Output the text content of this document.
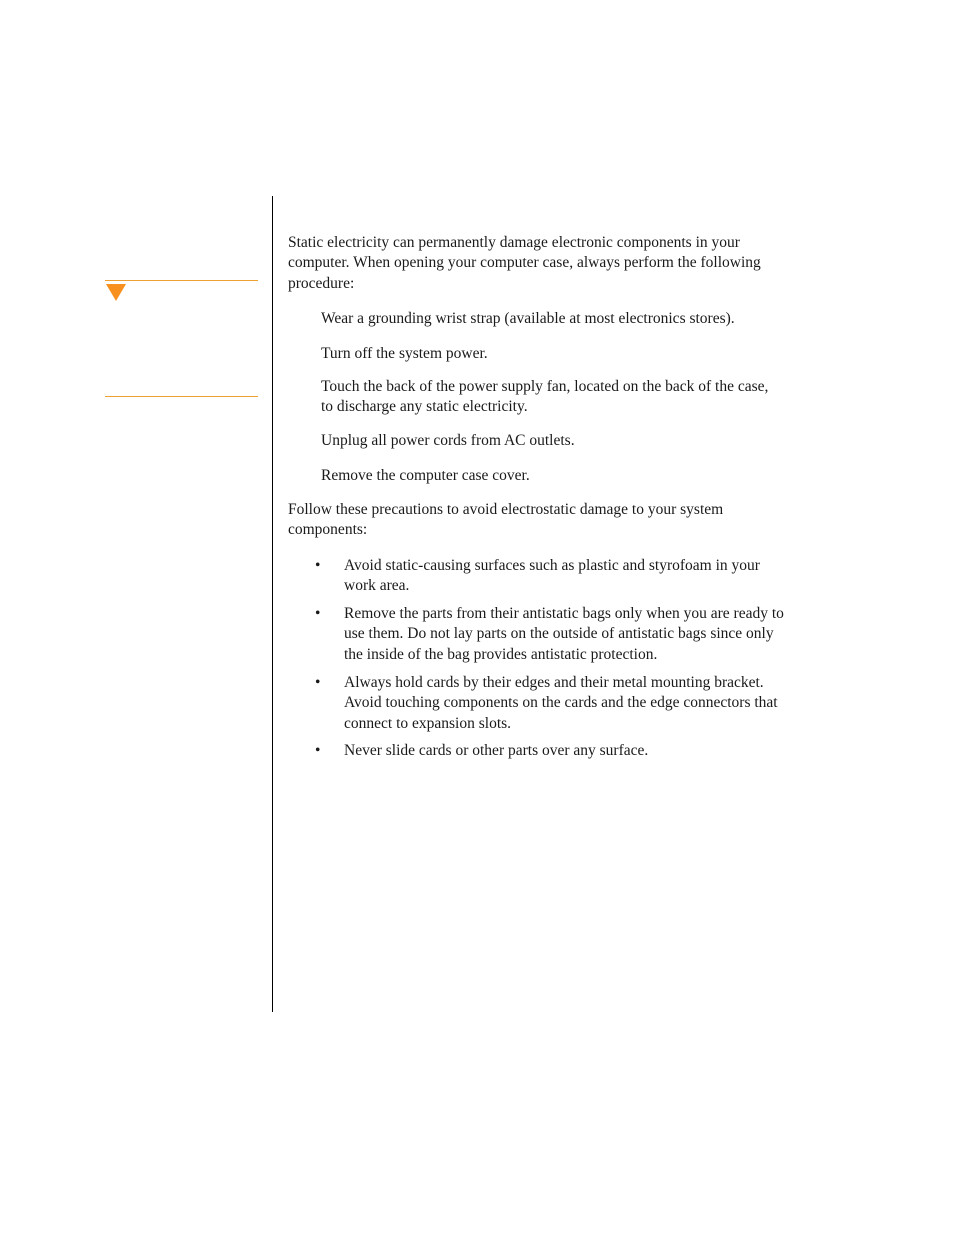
Static electricity can permanently damage electronic components in your computer. When opening your computer case, always perform the following procedure:

Wear a grounding wrist strap (available at most electronics stores).

Turn off the system power.

Touch the back of the power supply fan, located on the back of the case, to discharge any static electricity.

Unplug all power cords from AC outlets.

Remove the computer case cover.

Follow these precautions to avoid electrostatic damage to your system components:

• Avoid static-causing surfaces such as plastic and styrofoam in your work area.

• Remove the parts from their antistatic bags only when you are ready to use them. Do not lay parts on the outside of antistatic bags since only the inside of the bag provides antistatic protection.

• Always hold cards by their edges and their metal mounting bracket. Avoid touching components on the cards and the edge connectors that connect to expansion slots.

• Never slide cards or other parts over any surface.
